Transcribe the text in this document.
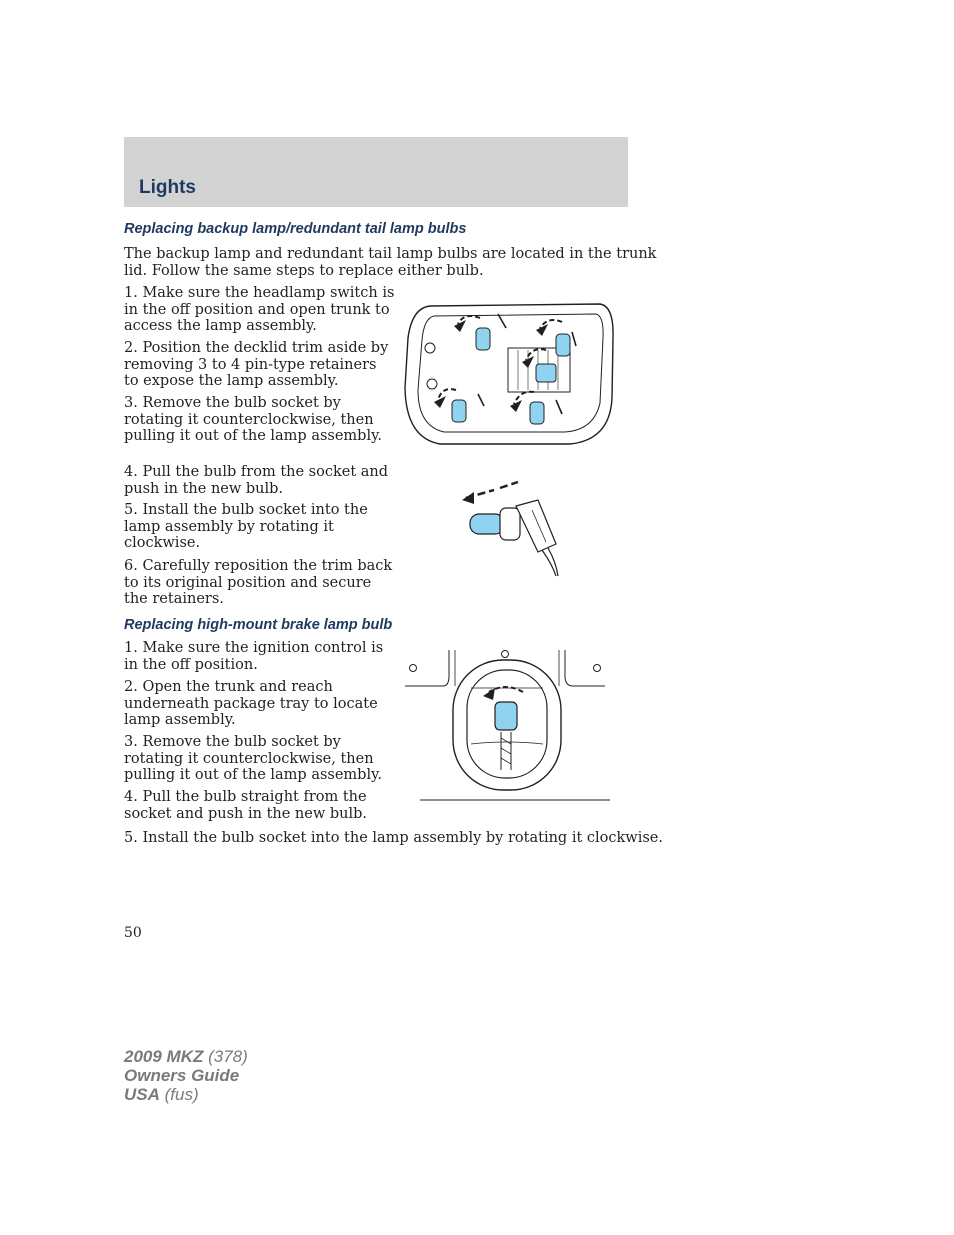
Lights
Replacing backup lamp/redundant tail lamp bulbs
The backup lamp and redundant tail lamp bulbs are located in the trunk
lid. Follow the same steps to replace either bulb.
1. Make sure the headlamp switch is
in the off position and open trunk to
access the lamp assembly.
2. Position the decklid trim aside by
removing 3 to 4 pin-type retainers
to expose the lamp assembly.
3. Remove the bulb socket by
rotating it counterclockwise, then
pulling it out of the lamp assembly.
4. Pull the bulb from the socket and
push in the new bulb.
5. Install the bulb socket into the
lamp assembly by rotating it
clockwise.
6. Carefully reposition the trim back
to its original position and secure
the retainers.
Replacing high-mount brake lamp bulb
1. Make sure the ignition control is
in the off position.
2. Open the trunk and reach
underneath package tray to locate
lamp assembly.
3. Remove the bulb socket by
rotating it counterclockwise, then
pulling it out of the lamp assembly.
4. Pull the bulb straight from the
socket and push in the new bulb.
5. Install the bulb socket into the lamp assembly by rotating it clockwise.

50

2009 MKZ (378)
Owners Guide
USA (fus)
